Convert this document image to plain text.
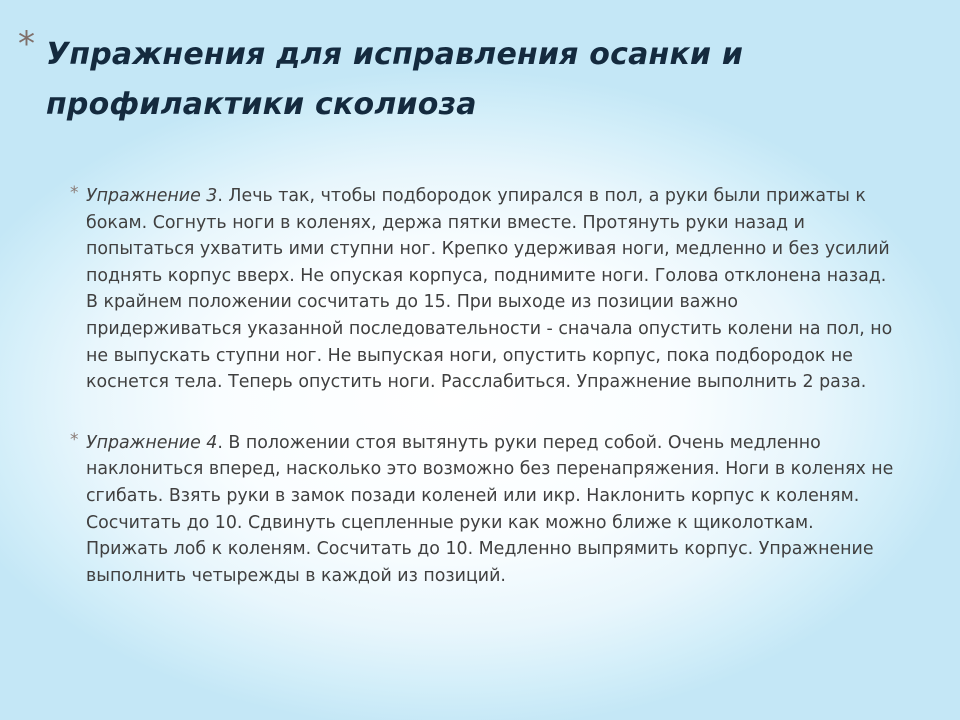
* Упражнения для исправления осанки и профилактики сколиоза
* Упражнение 3. Лечь так, чтобы подбородок упирался в пол, а руки были прижаты к бокам. Согнуть ноги в коленях, держа пятки вместе. Протянуть руки назад и попытаться ухватить ими ступни ног. Крепко удерживая ноги, медленно и без усилий поднять корпус вверх. Не опуская корпуса, поднимите ноги. Голова отклонена назад. В крайнем положении сосчитать до 15. При выходе из позиции важно придерживаться указанной последовательности - сначала опустить колени на пол, но не выпускать ступни ног. Не выпуская ноги, опустить корпус, пока подбородок не коснется тела. Теперь опустить ноги. Расслабиться. Упражнение выполнить 2 раза.
* Упражнение 4. В положении стоя вытянуть руки перед собой. Очень медленно наклониться вперед, насколько это возможно без перенапряжения. Ноги в коленях не сгибать. Взять руки в замок позади коленей или икр. Наклонить корпус к коленям. Сосчитать до 10. Сдвинуть сцепленные руки как можно ближе к щиколоткам. Прижать лоб к коленям. Сосчитать до 10. Медленно выпрямить корпус. Упражнение выполнить четырежды в каждой из позиций.
